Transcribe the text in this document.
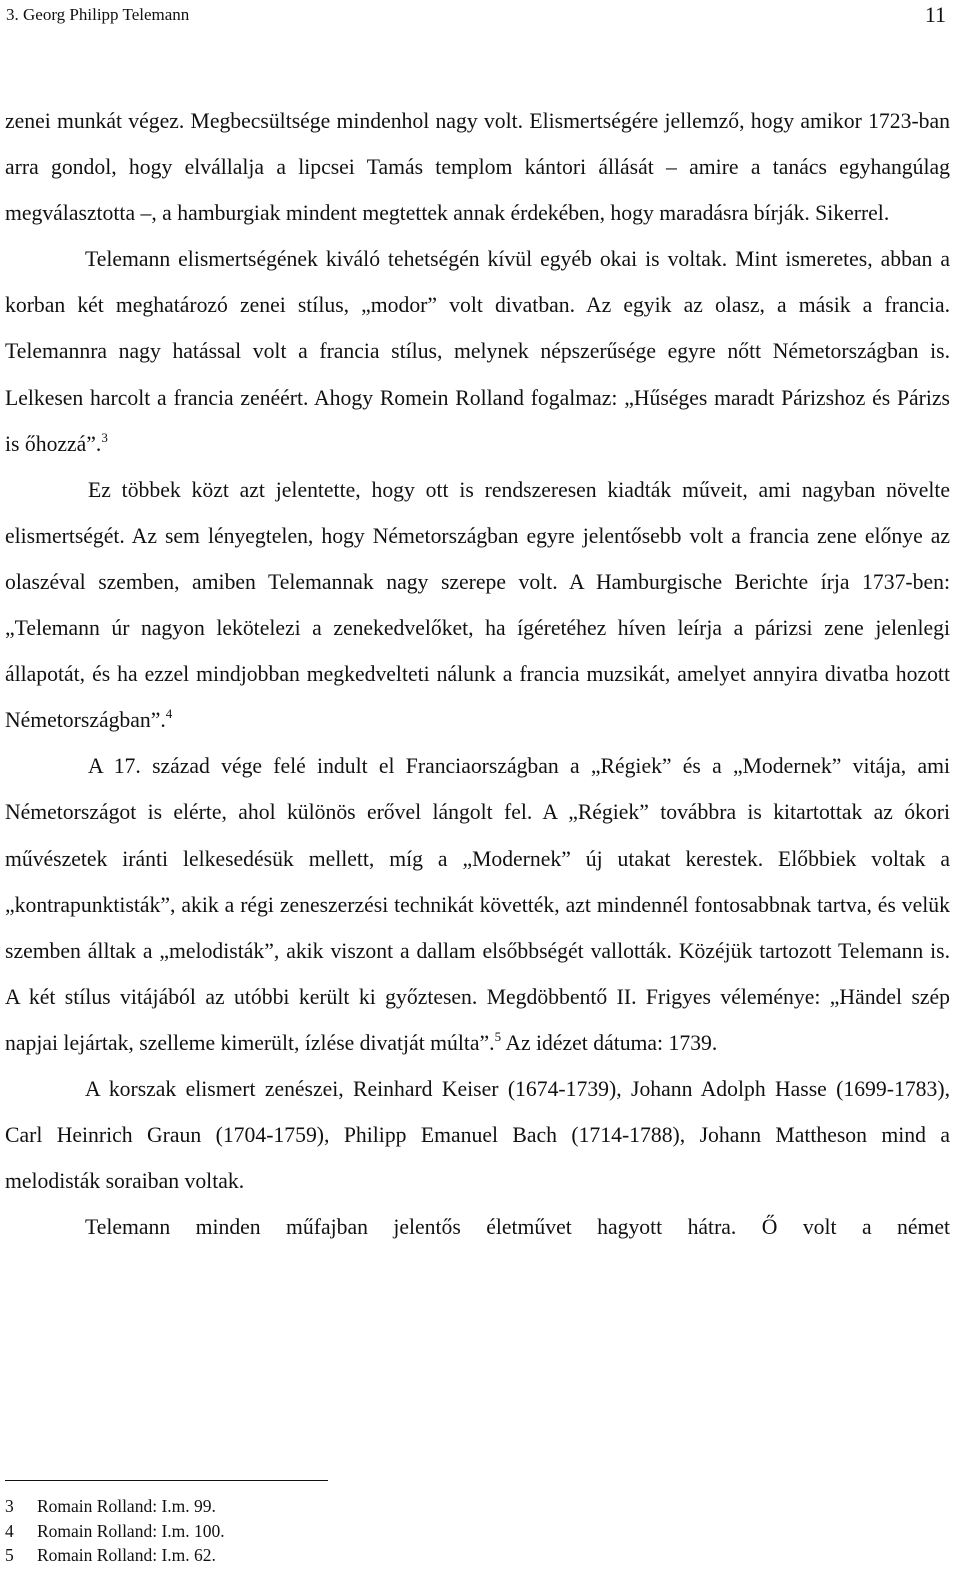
3. Georg Philipp Telemann	11

zenei munkát végez. Megbecsültsége mindenhol nagy volt. Elismertségére jellemző, hogy amikor 1723-ban arra gondol, hogy elvállalja a lipcsei Tamás templom kántori állását – amire a tanács egyhangúlag megválasztotta –, a hamburgiak mindent megtettek annak érdekében, hogy maradásra bírják. Sikerrel.

Telemann elismertségének kiváló tehetségén kívül egyéb okai is voltak. Mint ismeretes, abban a korban két meghatározó zenei stílus, „modor” volt divatban. Az egyik az olasz, a másik a francia. Telemannra nagy hatással volt a francia stílus, melynek népszerűsége egyre nőtt Németországban is. Lelkesen harcolt a francia zenéért. Ahogy Romein Rolland fogalmaz: „Hűséges maradt Párizshoz és Párizs is őhozzá”.$^3$

Ez többek közt azt jelentette, hogy ott is rendszeresen kiadták műveit, ami nagyban növelte elismertségét. Az sem lényegtelen, hogy Németországban egyre jelentősebb volt a francia zene előnye az olaszéval szemben, amiben Telemannak nagy szerepe volt. A Hamburgische Berichte írja 1737-ben: „Telemann úr nagyon lekötelezi a zenekedvelőket, ha ígéretéhez híven leírja a párizsi zene jelenlegi állapotát, és ha ezzel mindjobban megkedvelteti nálunk a francia muzsikát, amelyet annyira divatba hozott Németországban”.$^4$

A 17. század vége felé indult el Franciaországban a „Régiek” és a „Modernek” vitája, ami Németországot is elérte, ahol különös erővel lángolt fel. A „Régiek” továbbra is kitartottak az ókori művészetek iránti lelkesedésük mellett, míg a „Modernek” új utakat kerestek. Előbbiek voltak a „kontrapunktisták”, akik a régi zeneszerzési technikát követték, azt mindennél fontosabbnak tartva, és velük szemben álltak a „melodisták”, akik viszont a dallam elsőbbségét vallották. Közéjük tartozott Telemann is. A két stílus vitájából az utóbbi került ki győztesen. Megdöbbentő II. Frigyes véleménye: „Händel szép napjai lejártak, szelleme kimerült, ízlése divatját múlta”.$^5$ Az idézet dátuma: 1739.

A korszak elismert zenészei, Reinhard Keiser (1674-1739), Johann Adolph Hasse (1699-1783), Carl Heinrich Graun (1704-1759), Philipp Emanuel Bach (1714-1788), Johann Mattheson mind a melodisták soraiban voltak.

Telemann minden műfajban jelentős életművet hagyott hátra. Ő volt a német

3 Romain Rolland: I.m. 99.
4 Romain Rolland: I.m. 100.
5 Romain Rolland: I.m. 62.
